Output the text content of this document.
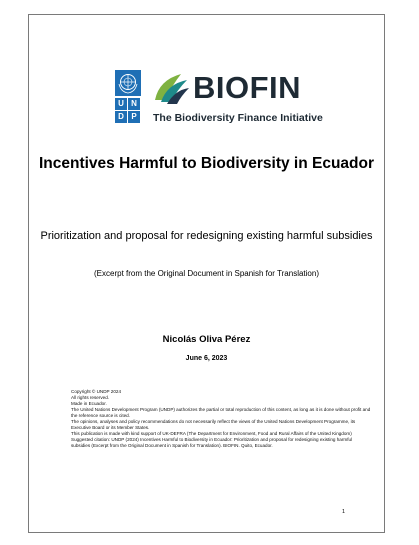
U N
D P
BIOFIN
The Biodiversity Finance Initiative
Incentives Harmful to Biodiversity in Ecuador
Prioritization and proposal for redesigning existing harmful subsidies
(Excerpt from the Original Document in Spanish for Translation)
Nicolás Oliva Pérez
June 6, 2023
Copyright © UNDP 2024
All rights reserved.
Made in Ecuador.
The United Nations Development Program (UNDP) authorizes the partial or total reproduction of this content, as long as it is done without profit and the reference source is cited.
The opinions, analyses and policy recommendations do not necessarily reflect the views of the United Nations Development Programme, its Executive Board or its Member States.
This publication is made with kind support of UK-DEFRA (The Department for Environment, Food and Rural Affairs of the United Kingdom)
Suggested citation: UNDP (2024) Incentives Harmful to Biodiversity in Ecuador: Prioritization and proposal for redesigning existing harmful subsidies (Excerpt from the Original Document in Spanish for Translation). BIOFIN. Quito, Ecuador.
1
